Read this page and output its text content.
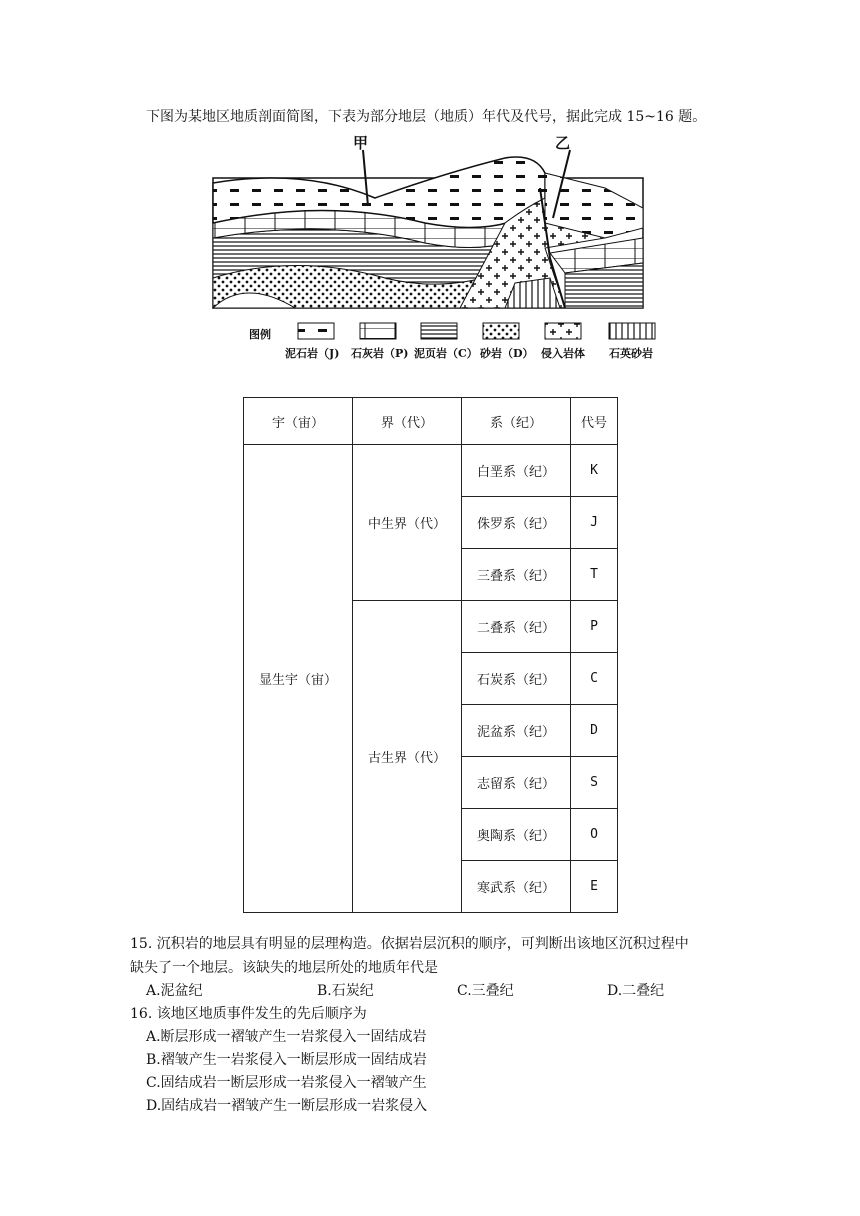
下图为某地区地质剖面简图，下表为部分地层（地质）年代及代号，据此完成 15~16 题。
甲	乙
图例
泥石岩（J) 石灰岩（P) 泥页岩（C） 砂岩（D） 侵入岩体 石英砂岩
宇（宙）	界（代）	系（纪）	代号
显生宇（宙）	中生界（代）	白垩系（纪）	K
		侏罗系（纪）	J
		三叠系（纪）	T
	古生界（代）	二叠系（纪）	P
		石炭系（纪）	C
		泥盆系（纪）	D
		志留系（纪）	S
		奥陶系（纪）	O
		寒武系（纪）	E
15. 沉积岩的地层具有明显的层理构造。依据岩层沉积的顺序，可判断出该地区沉积过程中
缺失了一个地层。该缺失的地层所处的地质年代是
A.泥盆纪	B.石炭纪	C.三叠纪	D.二叠纪
16. 该地区地质事件发生的先后顺序为
A.断层形成一褶皱产生一岩浆侵入一固结成岩
B.褶皱产生一岩浆侵入一断层形成一固结成岩
C.固结成岩一断层形成一岩浆侵入一褶皱产生
D.固结成岩一褶皱产生一断层形成一岩浆侵入
